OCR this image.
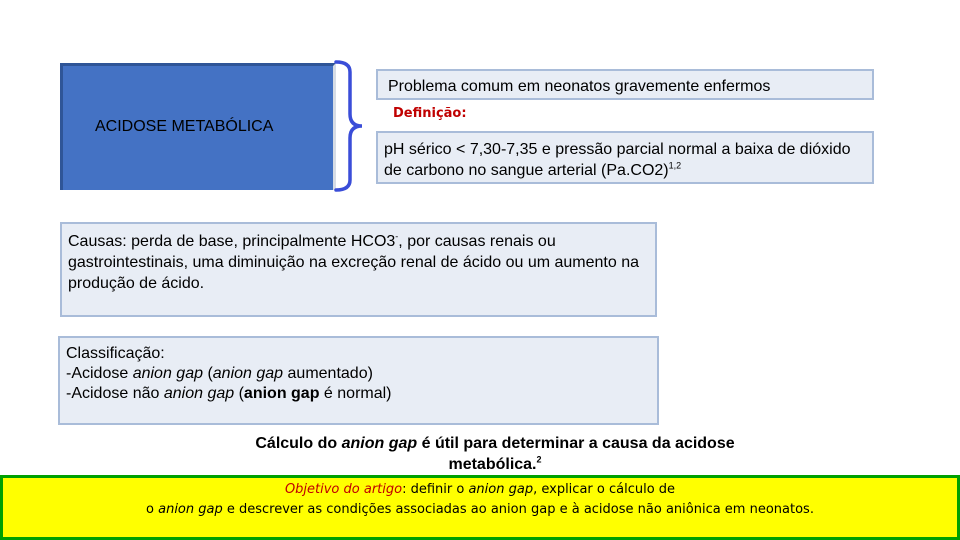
ACIDOSE METABÓLICA
Problema comum em neonatos gravemente enfermos
Definição:
pH sérico < 7,30-7,35 e pressão parcial normal a baixa de dióxido de carbono no sangue arterial $(Pa.CO2)^{1,2}$
Causas: perda de base, principalmente HCO3-, por causas renais ou gastrointestinais, uma diminuição na excreção renal de ácido ou um aumento na produção de ácido.
Classificação:
-Acidose anion gap (anion gap aumentado)
-Acidose não anion gap (anion gap é normal)
Cálculo do anion gap é útil para determinar a causa da acidose metabólica.$^2$
Objetivo do artigo: definir o anion gap, explicar o cálculo de
o anion gap e descrever as condições associadas ao anion gap e à acidose não aniônica em neonatos.
